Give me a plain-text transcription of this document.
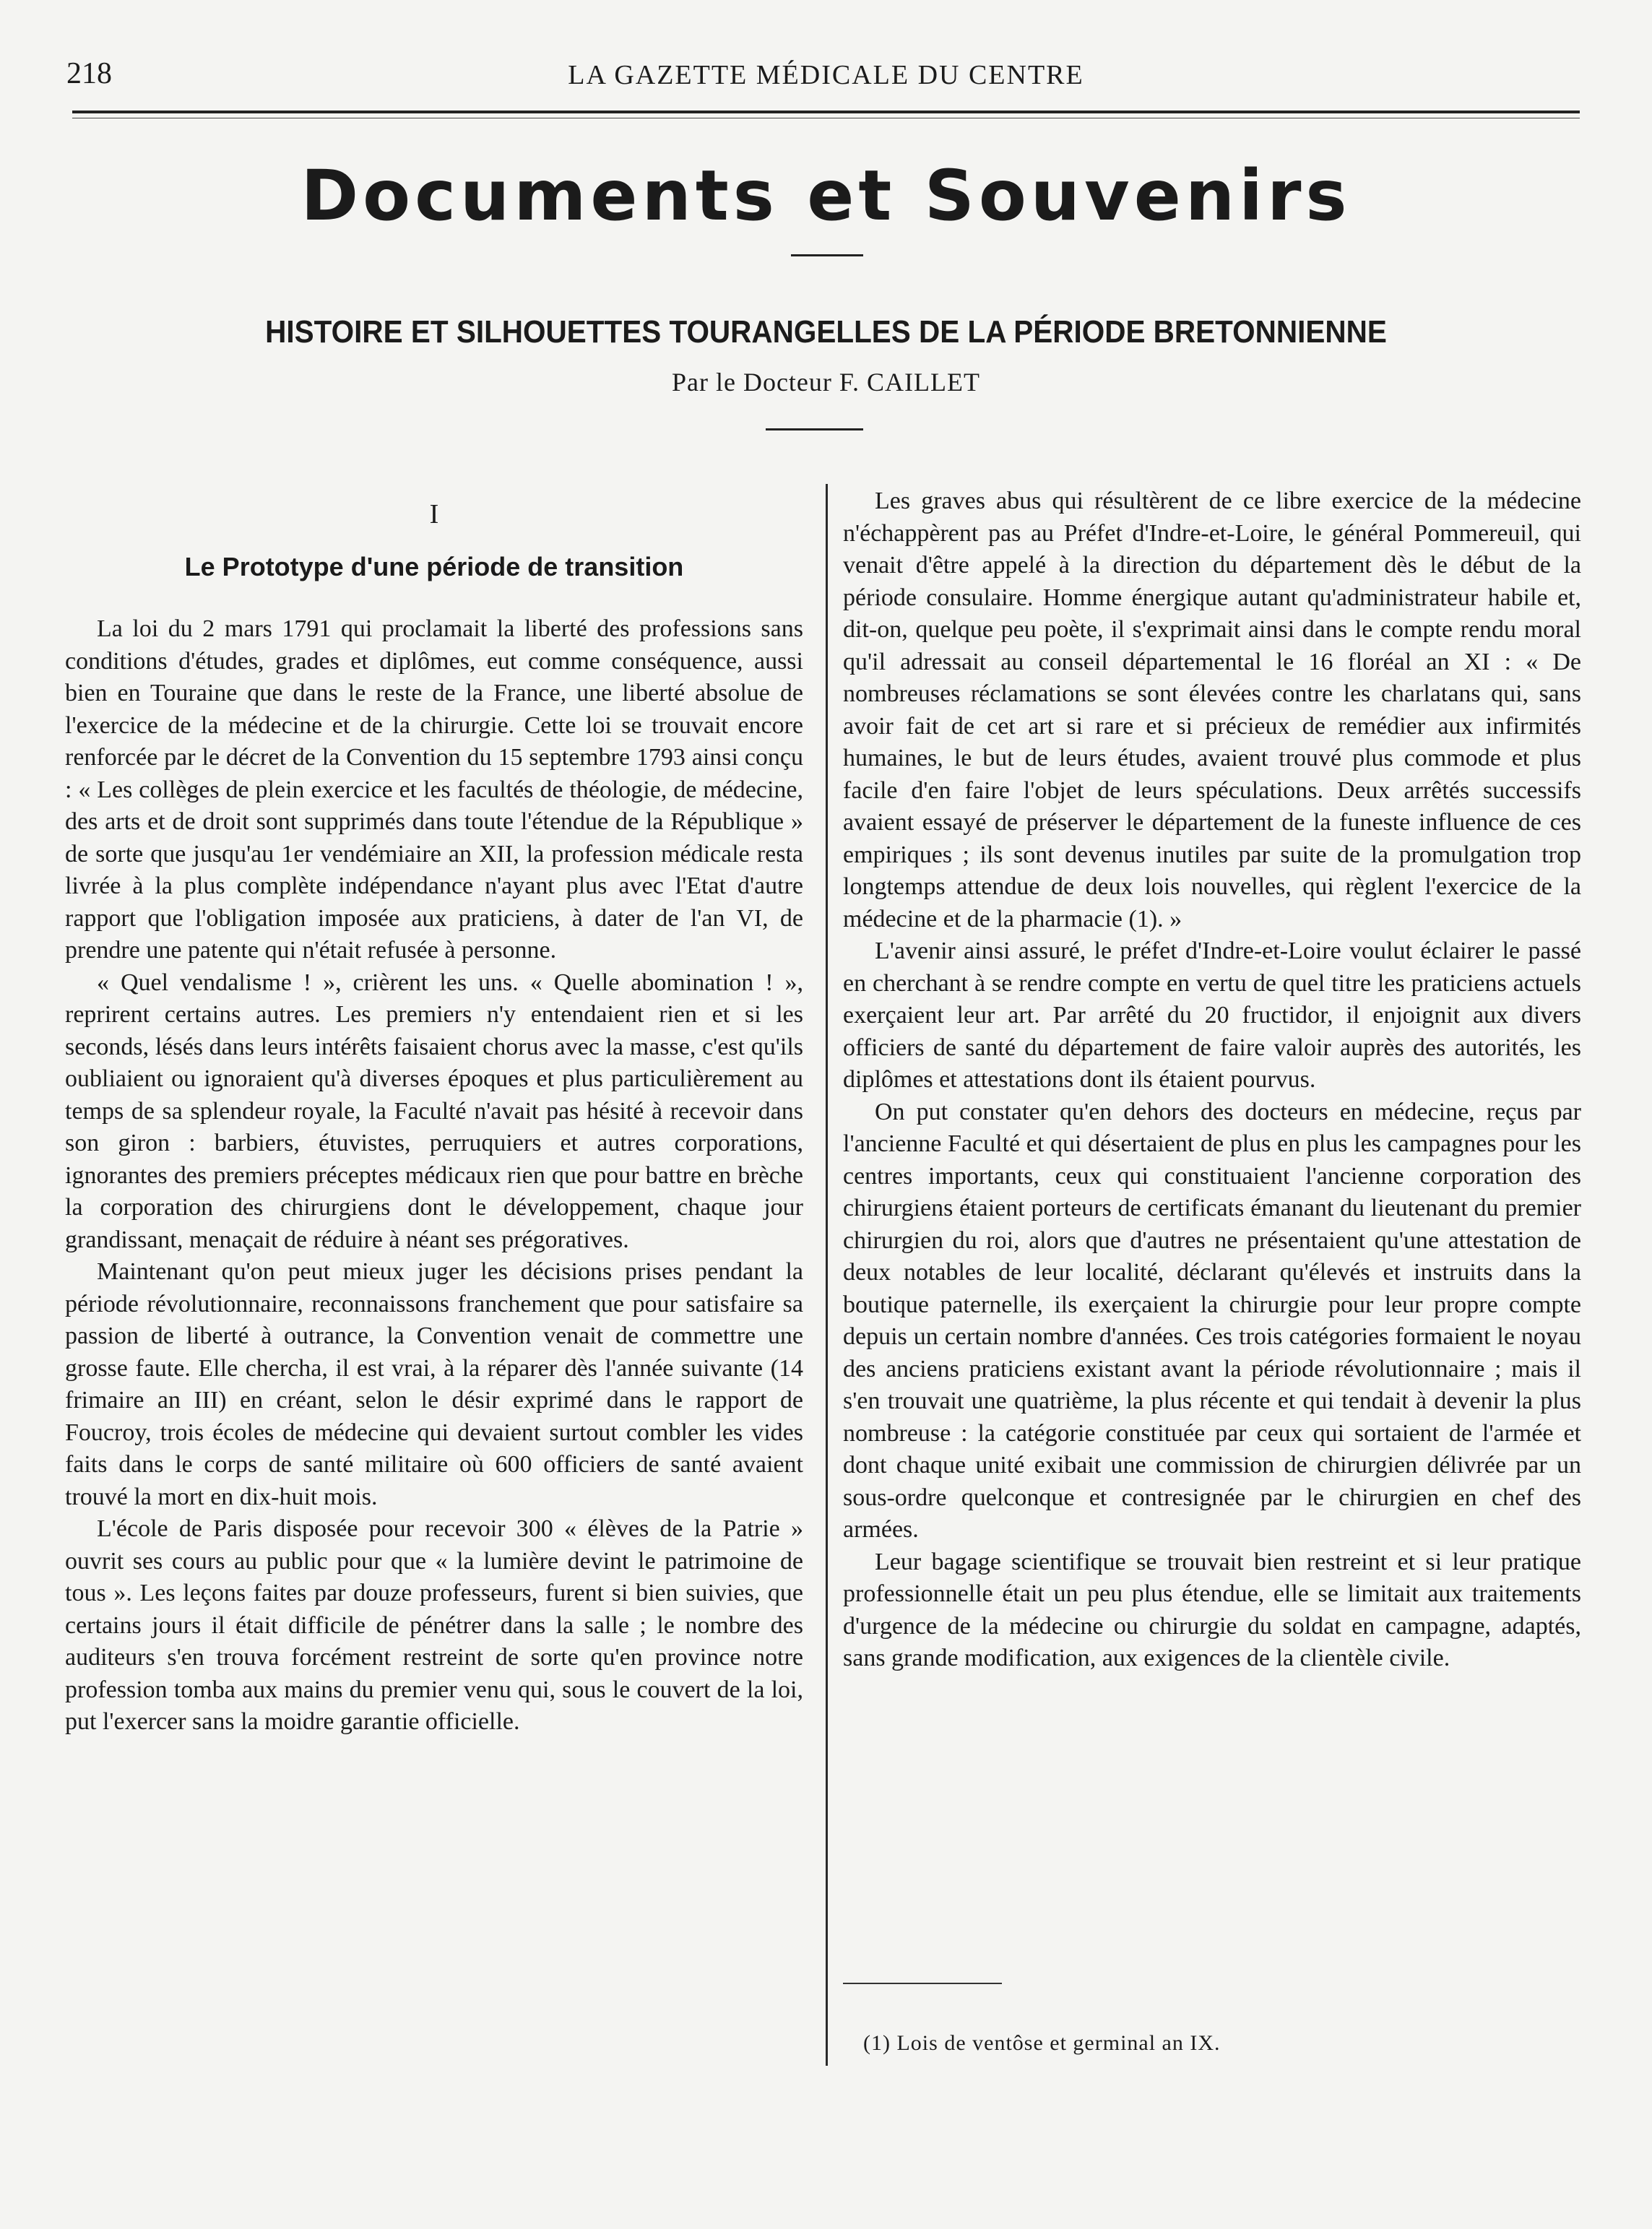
218	LA GAZETTE MÉDICALE DU CENTRE
Documents et Souvenirs
HISTOIRE ET SILHOUETTES TOURANGELLES DE LA PÉRIODE BRETONNIENNE
Par le Docteur F. CAILLET
I
Le Prototype d'une période de transition

La loi du 2 mars 1791 qui proclamait la liberté des professions sans conditions d'études, grades et diplômes, eut comme conséquence, aussi bien en Touraine que dans le reste de la France, une liberté absolue de l'exercice de la médecine et de la chirurgie. Cette loi se trouvait encore renforcée par le décret de la Convention du 15 septembre 1793 ainsi conçu : « Les collèges de plein exercice et les facultés de théologie, de médecine, des arts et de droit sont supprimés dans toute l'étendue de la République » de sorte que jusqu'au 1er vendémiaire an XII, la profession médicale resta livrée à la plus complète indépendance n'ayant plus avec l'Etat d'autre rapport que l'obligation imposée aux praticiens, à dater de l'an VI, de prendre une patente qui n'était refusée à personne.

« Quel vendalisme ! », crièrent les uns. « Quelle abomination ! », reprirent certains autres. Les premiers n'y entendaient rien et si les seconds, lésés dans leurs intérêts faisaient chorus avec la masse, c'est qu'ils oubliaient ou ignoraient qu'à diverses époques et plus particulièrement au temps de sa splendeur royale, la Faculté n'avait pas hésité à recevoir dans son giron : barbiers, étuvistes, perruquiers et autres corporations, ignorantes des premiers préceptes médicaux rien que pour battre en brèche la corporation des chirurgiens dont le développement, chaque jour grandissant, menaçait de réduire à néant ses prégoratives.

Maintenant qu'on peut mieux juger les décisions prises pendant la période révolutionnaire, reconnaissons franchement que pour satisfaire sa passion de liberté à outrance, la Convention venait de commettre une grosse faute. Elle chercha, il est vrai, à la réparer dès l'année suivante (14 frimaire an III) en créant, selon le désir exprimé dans le rapport de Foucroy, trois écoles de médecine qui devaient surtout combler les vides faits dans le corps de santé militaire où 600 officiers de santé avaient trouvé la mort en dix-huit mois.

L'école de Paris disposée pour recevoir 300 « élèves de la Patrie » ouvrit ses cours au public pour que « la lumière devint le patrimoine de tous ». Les leçons faites par douze professeurs, furent si bien suivies, que certains jours il était difficile de pénétrer dans la salle ; le nombre des auditeurs s'en trouva forcément restreint de sorte qu'en province notre profession tomba aux mains du premier venu qui, sous le couvert de la loi, put l'exercer sans la moidre garantie officielle.

Les graves abus qui résultèrent de ce libre exercice de la médecine n'échappèrent pas au Préfet d'Indre-et-Loire, le général Pommereuil, qui venait d'être appelé à la direction du département dès le début de la période consulaire. Homme énergique autant qu'administrateur habile et, dit-on, quelque peu poète, il s'exprimait ainsi dans le compte rendu moral qu'il adressait au conseil départemental le 16 floréal an XI : « De nombreuses réclamations se sont élevées contre les charlatans qui, sans avoir fait de cet art si rare et si précieux de remédier aux infirmités humaines, le but de leurs études, avaient trouvé plus commode et plus facile d'en faire l'objet de leurs spéculations. Deux arrêtés successifs avaient essayé de préserver le département de la funeste influence de ces empiriques ; ils sont devenus inutiles par suite de la promulgation trop longtemps attendue de deux lois nouvelles, qui règlent l'exercice de la médecine et de la pharmacie (1). »

L'avenir ainsi assuré, le préfet d'Indre-et-Loire voulut éclairer le passé en cherchant à se rendre compte en vertu de quel titre les praticiens actuels exerçaient leur art. Par arrêté du 20 fructidor, il enjoignit aux divers officiers de santé du département de faire valoir auprès des autorités, les diplômes et attestations dont ils étaient pourvus.

On put constater qu'en dehors des docteurs en médecine, reçus par l'ancienne Faculté et qui désertaient de plus en plus les campagnes pour les centres importants, ceux qui constituaient l'ancienne corporation des chirurgiens étaient porteurs de certificats émanant du lieutenant du premier chirurgien du roi, alors que d'autres ne présentaient qu'une attestation de deux notables de leur localité, déclarant qu'élevés et instruits dans la boutique paternelle, ils exerçaient la chirurgie pour leur propre compte depuis un certain nombre d'années. Ces trois catégories formaient le noyau des anciens praticiens existant avant la période révolutionnaire ; mais il s'en trouvait une quatrième, la plus récente et qui tendait à devenir la plus nombreuse : la catégorie constituée par ceux qui sortaient de l'armée et dont chaque unité exibait une commission de chirurgien délivrée par un sous-ordre quelconque et contresignée par le chirurgien en chef des armées.

Leur bagage scientifique se trouvait bien restreint et si leur pratique professionnelle était un peu plus étendue, elle se limitait aux traitements d'urgence de la médecine ou chirurgie du soldat en campagne, adaptés, sans grande modification, aux exigences de la clientèle civile.

(1) Lois de ventôse et germinal an IX.
